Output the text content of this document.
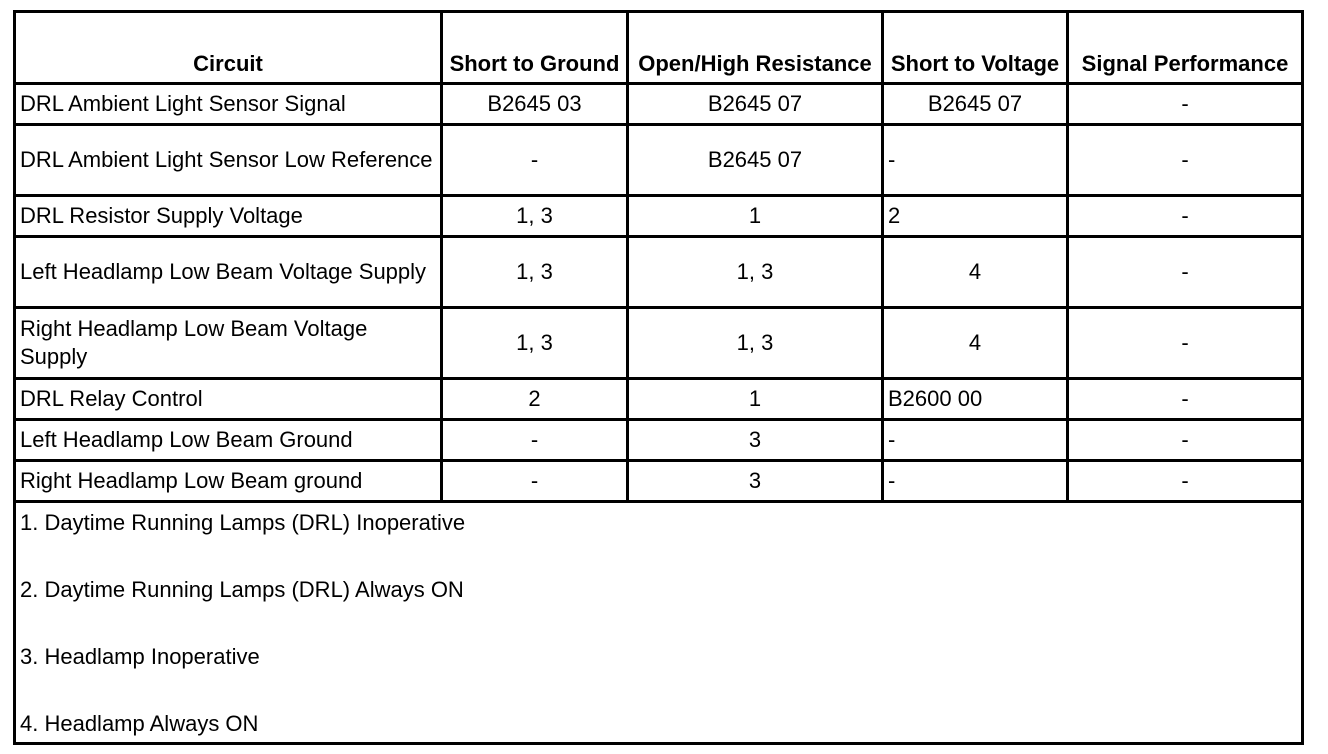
Circuit	Short to Ground	Open/High Resistance	Short to Voltage	Signal Performance
DRL Ambient Light Sensor Signal	B2645 03	B2645 07	B2645 07	-
DRL Ambient Light Sensor Low Reference	-	B2645 07	-	-
DRL Resistor Supply Voltage	1, 3	1	2	-
Left Headlamp Low Beam Voltage Supply	1, 3	1, 3	4	-
Right Headlamp Low Beam Voltage Supply	1, 3	1, 3	4	-
DRL Relay Control	2	1	B2600 00	-
Left Headlamp Low Beam Ground	-	3	-	-
Right Headlamp Low Beam ground	-	3	-	-

1. Daytime Running Lamps (DRL) Inoperative
2. Daytime Running Lamps (DRL) Always ON
3. Headlamp Inoperative
4. Headlamp Always ON				
